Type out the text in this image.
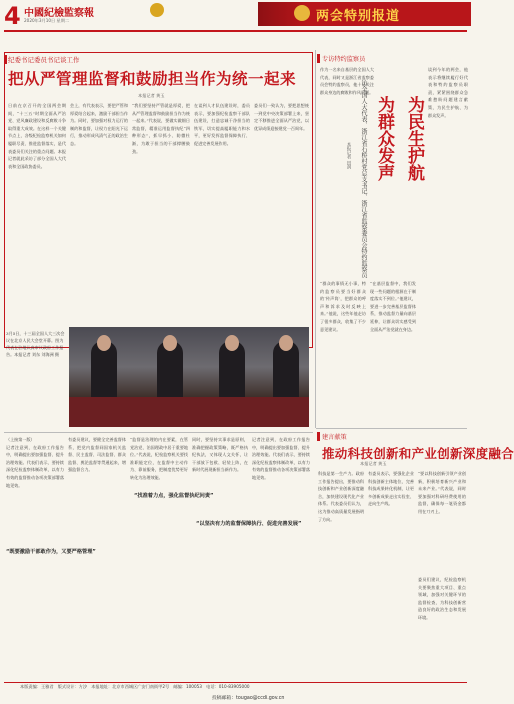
4 中國紀檢監察報
2020年3月10日 星期二	两会特别报道
纪委书记委员书记谈工作
把从严管理监督和鼓励担当作为统一起来
本报记者 黄玉
日前在京召开的全国两会期间，“十三五”时期全面从严治党、党风廉政建设和反腐败斗争取得重大成效。在这样一个关键节点上，各级纪检监察机关如何履职尽责、推进监督落实，是代表委员们关注的重点问题。本报记者就此采访了部分全国人大代表和全国政协委员。
会上，有代表表示，要把严管和厚爱结合起来，激励干部担当作为。同时，要加强对权力运行的制约和监督，让权力在阳光下运行，推动形成风清气正的政治生态。
“我们要坚持严管就是厚爱，把从严管理监督和鼓励担当作为统一起来。”代表说，要做实做细日常监督，精准运用监督执纪“四种形态”，抓早抓小、防微杜渐，为敢于担当的干部撑腰鼓劲。
在谈到人才队伍建设时，委员表示，要加强纪检监察干部队伍建设，打造忠诚干净担当的铁军，切实提高履职能力和水平，更好发挥监督保障执行、促进完善发展作用。
委员们一致认为，要把思想统一到党中央决策部署上来，坚定不移推进全面从严治党，以优异成绩迎接建党一百周年。
3月5日，十三届全国人大三次会议在北京人民大会堂开幕。图为代表在驻地认真审议政府工作报告。本报记者 刘东 刘海洲 摄
（上接第一版）
记者注意到，在政府工作报告中，明确提出要加强监督、提升治理效能。代表们表示，要持续深化纪检监察体制改革，以有力有效的监督推动各项决策部署落地见效。
有委员建议，要健全完善监督体系，把党内监督同国家机关监督、民主监督、司法监督、群众监督、舆论监督等贯通起来，增强监督合力。
“既要激励干部敢作为，又要严格管理”
“监督是治理的内在要素，在管党治党、治国理政中居于重要地位。”代表说，纪检监察机关要找准职能定位，在监督中主动作为、靠前服务，把制度优势更好转化为治理效能。
“找准着力点，强化监督执纪问责”
同时，要坚持实事求是原则，准确把握政策策略，既严格执纪执法，又体现人文关怀，让干部放下包袱、轻装上阵，在新时代展现新担当新作为。
“以坚决有力的监督保障执行、促进完善发展”
记者注意到，在政府工作报告中，明确提出要加强监督、提升治理效能。代表们表示，要持续深化纪检监察体制改革，以有力有效的监督推动各项决策部署落地见效。
专访特约监察员
作为一名来自基层的全国人大代表，同时又是浙江省监察委员会特约监察员，他十分关注群众身边的腐败和作风问题。
本报记者 田润	访全国人大代表、浙江省石桥村党总支书记、浙江省监察委员会特约监察员 为群众发声 为民生护航
“群众的事情无小事，特约监察员要当好群众的‘传声筒’，把群众的呼声和诉求及时反映上来。”他说，这些年他走访了很多群众，收集了不少意见建议。
“在基层监督中，我们发现一些问题的根源在于制度落实不到位。”他建议，要进一步完善基层监督体系，推动监督力量向基层延伸，让群众切实感受到全面从严治党就在身边。
谈到今年的两会，他表示将继续履行好代表和特约监察员职责，紧紧围绕群众急难愁盼问题建言献策，为民生护航、为群众发声。
建言献策
推动科技创新和产业创新深度融合
本报记者 黄玉
科技是第一生产力。政府工作报告提出，要推动科技创新和产业创新深度融合，加快建设现代化产业体系。代表委员们认为，这为推动高质量发展指明了方向。
有委员表示，要强化企业科技创新主体地位，完善科技成果转化机制，让更多创新成果走出实验室、走向生产线。
“要以科技创新引领产业创新，积极培育新兴产业和未来产业。”代表说，同时要加强对科研经费使用的监督，确保每一笔资金都用在刀刃上。
委员们建议，纪检监察机关要聚焦重大项目、重点领域，加强对关键环节的监督检查，为科技创新营造良好的政治生态和发展环境。
本版责编：王雅君　版式设计：方汐　本报地址：北京市西城区广安门南街甲2号　邮编：100053　电话：010-83905000
投稿邮箱：tougao@ccdi.gov.cn
